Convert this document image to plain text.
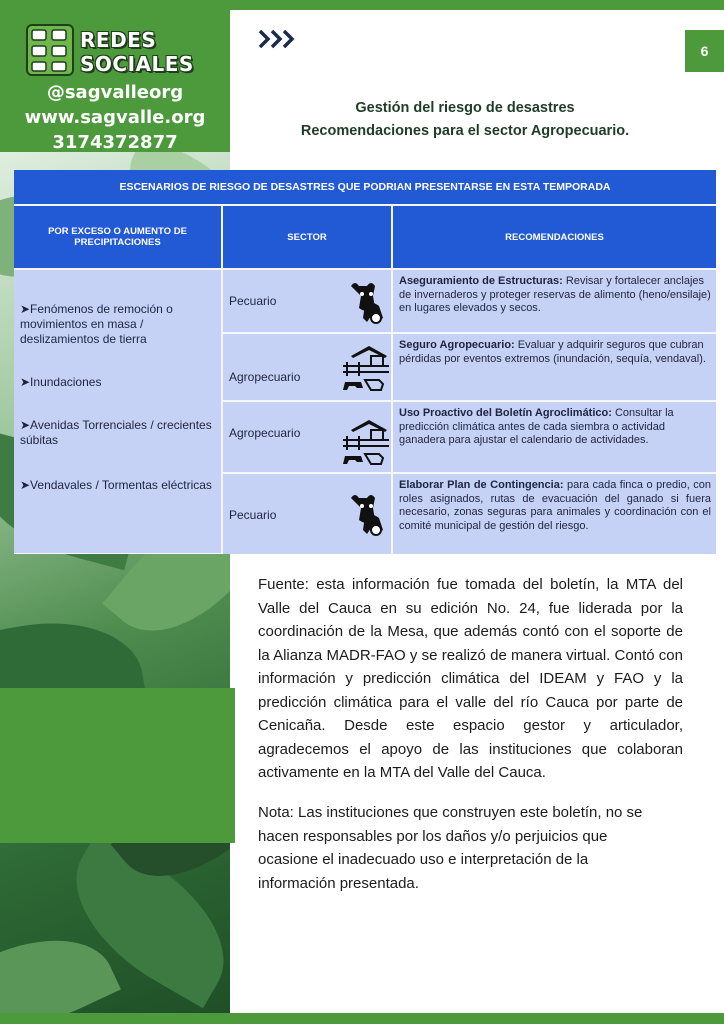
REDES
SOCIALES
@sagvalleorg
www.sagvalle.org
3174372877
6
Gestión del riesgo de desastres
Recomendaciones para el sector Agropecuario.
ESCENARIOS DE RIESGO DE DESASTRES QUE PODRIAN PRESENTARSE EN ESTA TEMPORADA
POR EXCESO O AUMENTO DE PRECIPITACIONES	SECTOR	RECOMENDACIONES
➤Fenómenos de remoción o movimientos en masa / deslizamientos de tierra
➤Inundaciones
➤Avenidas Torrenciales / crecientes súbitas
➤Vendavales / Tormentas eléctricas
Pecuario
Aseguramiento de Estructuras: Revisar y fortalecer anclajes de invernaderos y proteger reservas de alimento (heno/ensilaje) en lugares elevados y secos.
Agropecuario
Seguro Agropecuario: Evaluar y adquirir seguros que cubran pérdidas por eventos extremos (inundación, sequía, vendaval).
Agropecuario
Uso Proactivo del Boletín Agroclimático: Consultar la predicción climática antes de cada siembra o actividad ganadera para ajustar el calendario de actividades.
Pecuario
Elaborar Plan de Contingencia: para cada finca o predio, con roles asignados, rutas de evacuación del ganado si fuera necesario, zonas seguras para animales y coordinación con el comité municipal de gestión del riesgo.
Fuente: esta información fue tomada del boletín, la MTA del Valle del Cauca en su edición No. 24, fue liderada por la coordinación de la Mesa, que además contó con el soporte de la Alianza MADR-FAO y se realizó de manera virtual. Contó con información y predicción climática del IDEAM y FAO y la predicción climática para el valle del río Cauca por parte de Cenicaña. Desde este espacio gestor y articulador, agradecemos el apoyo de las instituciones que colaboran activamente en la MTA del Valle del Cauca.
Nota: Las instituciones que construyen este boletín, no se hacen responsables por los daños y/o perjuicios que ocasione el inadecuado uso e interpretación de la información presentada.
